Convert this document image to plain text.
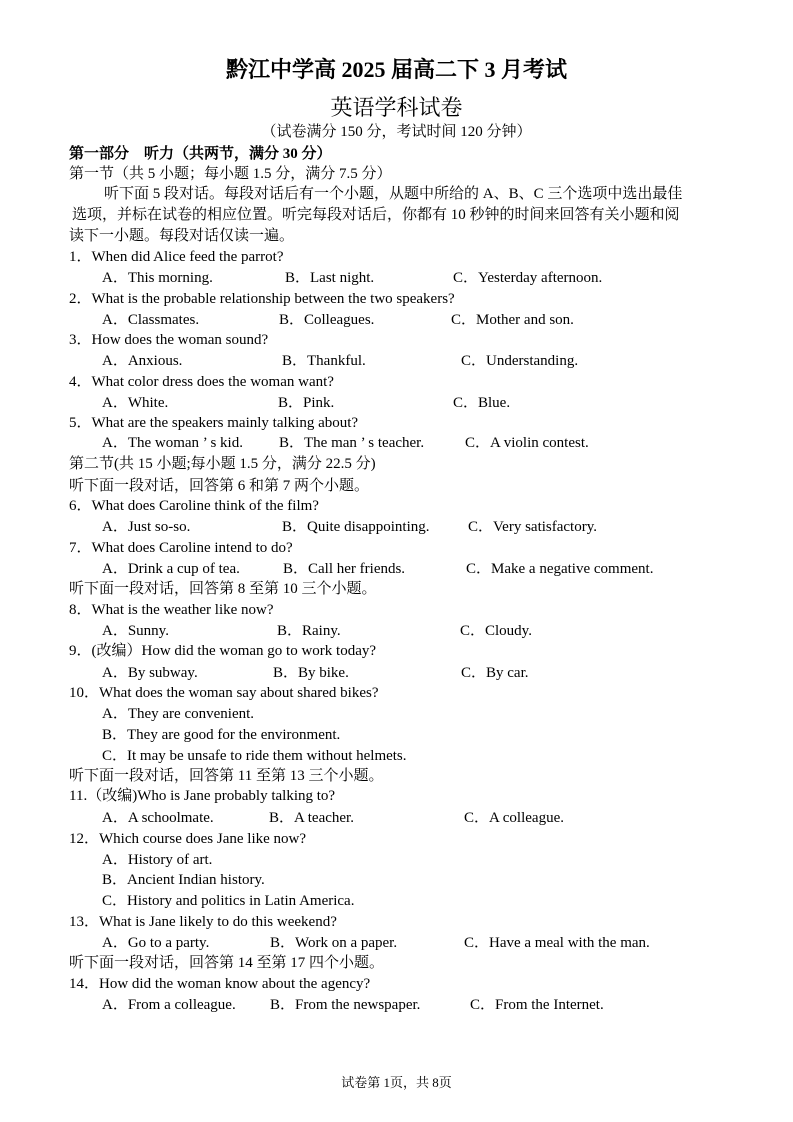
黔江中学高 2025 届高二下 3 月考试
英语学科试卷
（试卷满分 150 分，考试时间 120 分钟）
第一部分　听力（共两节，满分 30 分）
第一节（共 5 小题；每小题 1.5 分，满分 7.5 分）
听下面 5 段对话。每段对话后有一个小题，从题中所给的 A、B、C 三个选项中选出最佳
选项，并标在试卷的相应位置。听完每段对话后，你都有 10 秒钟的时间来回答有关小题和阅
读下一小题。每段对话仅读一遍。
1．When did Alice feed the parrot?
A．This morning.	B．Last night.	C．Yesterday afternoon.
2．What is the probable relationship between the two speakers?
A．Classmates.	B．Colleagues.	C．Mother and son.
3．How does the woman sound?
A．Anxious.	B．Thankful.	C．Understanding.
4．What color dress does the woman want?
A．White.	B．Pink.	C．Blue.
5．What are the speakers mainly talking about?
A．The woman ’ s kid. B．The man ’ s teacher.	C．A violin contest.
第二节(共 15 小题;每小题 1.5 分，满分 22.5 分)
听下面一段对话，回答第 6 和第 7 两个小题。
6．What does Caroline think of the film?
A．Just so-so.	B．Quite disappointing.	C．Very satisfactory.
7．What does Caroline intend to do?
A．Drink a cup of tea.	B．Call her friends.	C．Make a negative comment.
听下面一段对话，回答第 8 至第 10 三个小题。
8．What is the weather like now?
A．Sunny.	B．Rainy.	C．Cloudy.
9．(改编）How did the woman go to work today?
A．By subway.	B．By bike.	C．By car.
10．What does the woman say about shared bikes?
A．They are convenient.
B．They are good for the environment.
C．It may be unsafe to ride them without helmets.
听下面一段对话，回答第 11 至第 13 三个小题。
11.（改编)Who is Jane probably talking to?
A．A schoolmate.	B．A teacher.	C．A colleague.
12．Which course does Jane like now?
A．History of art.
B．Ancient Indian history.
C．History and politics in Latin America.
13．What is Jane likely to do this weekend?
A．Go to a party.	B．Work on a paper.	C．Have a meal with the man.
听下面一段对话，回答第 14 至第 17 四个小题。
14．How did the woman know about the agency?
A．From a colleague. B．From the newspaper.	C．From the Internet.
试卷第 1页，共 8页
